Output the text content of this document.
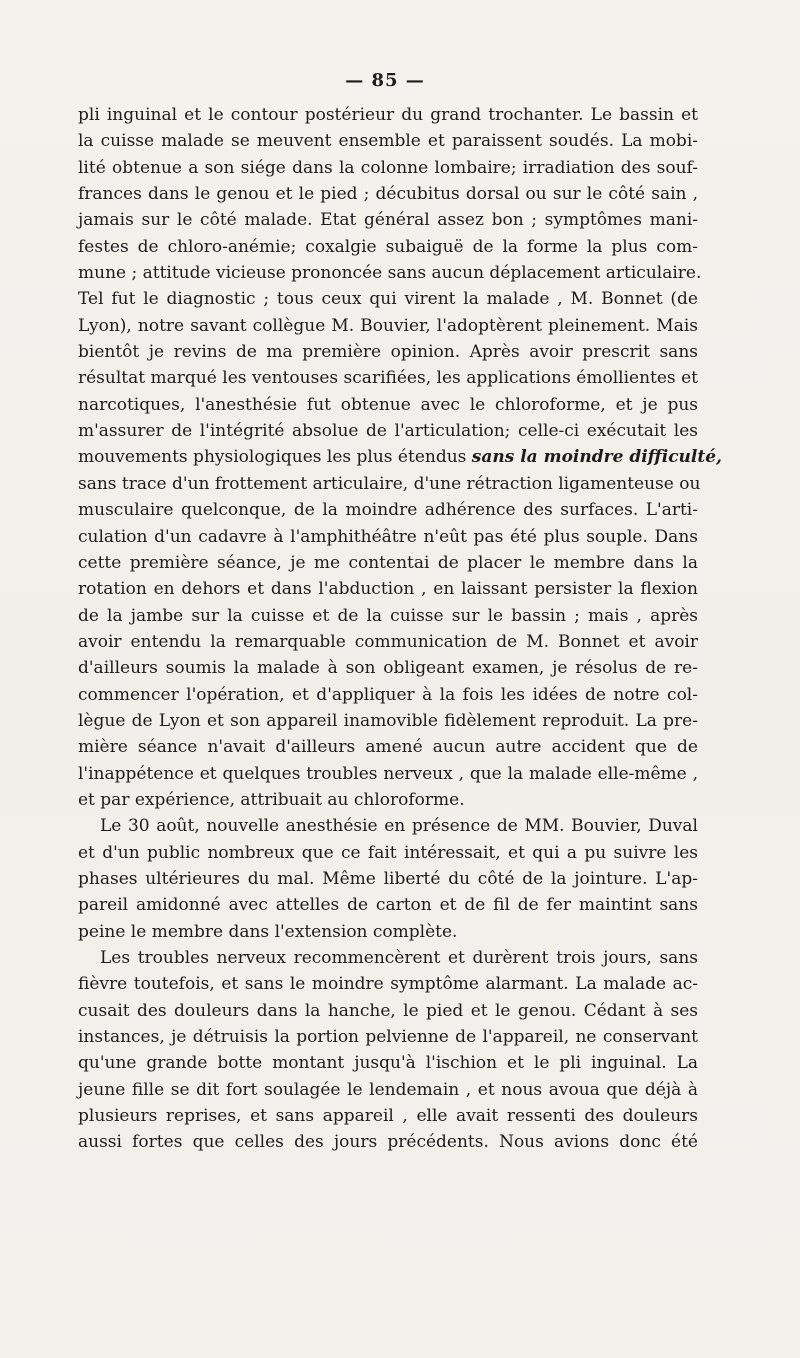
— 85 —
pli inguinal et le contour postérieur du grand trochanter. Le bassin et
la cuisse malade se meuvent ensemble et paraissent soudés. La mobi-
lité obtenue a son siége dans la colonne lombaire; irradiation des souf-
frances dans le genou et le pied ; décubitus dorsal ou sur le côté sain ,
jamais sur le côté malade. Etat général assez bon ; symptômes mani-
festes de chloro-anémie; coxalgie subaiguë de la forme la plus com-
mune ; attitude vicieuse prononcée sans aucun déplacement articulaire.
Tel fut le diagnostic ; tous ceux qui virent la malade , M. Bonnet (de
Lyon), notre savant collègue M. Bouvier, l'adoptèrent pleinement. Mais
bientôt je revins de ma première opinion. Après avoir prescrit sans
résultat marqué les ventouses scarifiées, les applications émollientes et
narcotiques, l'anesthésie fut obtenue avec le chloroforme, et je pus
m'assurer de l'intégrité absolue de l'articulation; celle-ci exécutait les
mouvements physiologiques les plus étendus sans la moindre difficulté,
sans trace d'un frottement articulaire, d'une rétraction ligamenteuse ou
musculaire quelconque, de la moindre adhérence des surfaces. L'arti-
culation d'un cadavre à l'amphithéâtre n'eût pas été plus souple. Dans
cette première séance, je me contentai de placer le membre dans la
rotation en dehors et dans l'abduction , en laissant persister la flexion
de la jambe sur la cuisse et de la cuisse sur le bassin ; mais , après
avoir entendu la remarquable communication de M. Bonnet et avoir
d'ailleurs soumis la malade à son obligeant examen, je résolus de re-
commencer l'opération, et d'appliquer à la fois les idées de notre col-
lègue de Lyon et son appareil inamovible fidèlement reproduit. La pre-
mière séance n'avait d'ailleurs amené aucun autre accident que de
l'inappétence et quelques troubles nerveux , que la malade elle-même ,
et par expérience, attribuait au chloroforme.
Le 30 août, nouvelle anesthésie en présence de MM. Bouvier, Duval
et d'un public nombreux que ce fait intéressait, et qui a pu suivre les
phases ultérieures du mal. Même liberté du côté de la jointure. L'ap-
pareil amidonné avec attelles de carton et de fil de fer maintint sans
peine le membre dans l'extension complète.
Les troubles nerveux recommencèrent et durèrent trois jours, sans
fièvre toutefois, et sans le moindre symptôme alarmant. La malade ac-
cusait des douleurs dans la hanche, le pied et le genou. Cédant à ses
instances, je détruisis la portion pelvienne de l'appareil, ne conservant
qu'une grande botte montant jusqu'à l'ischion et le pli inguinal. La
jeune fille se dit fort soulagée le lendemain , et nous avoua que déjà à
plusieurs reprises, et sans appareil , elle avait ressenti des douleurs
aussi fortes que celles des jours précédents. Nous avions donc été
